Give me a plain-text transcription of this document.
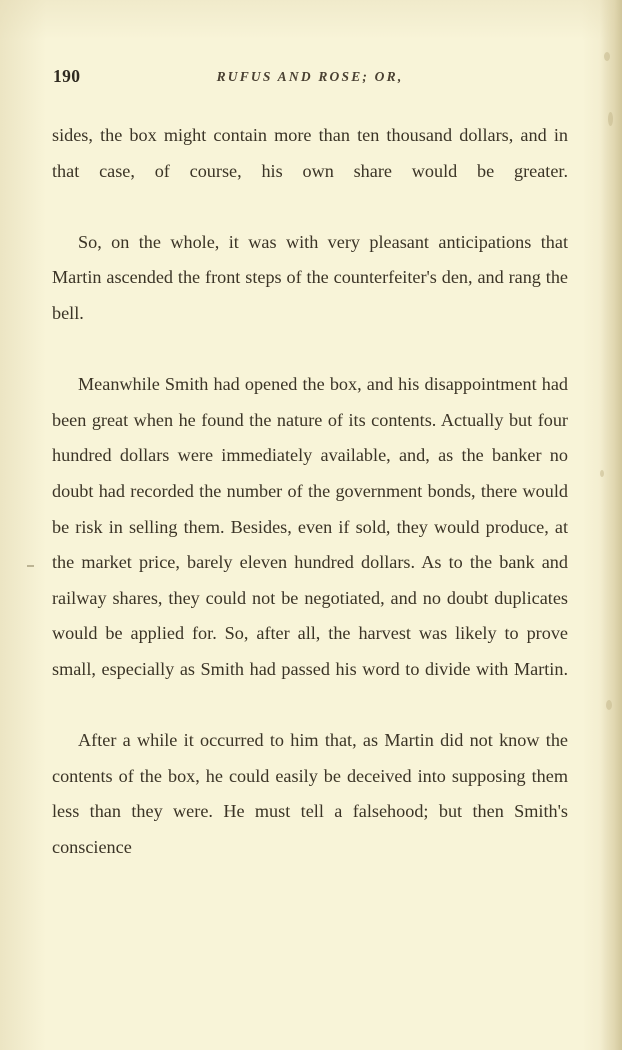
190	RUFUS AND ROSE; OR,

sides, the box might contain more than ten thousand dollars, and in that case, of course, his own share would be greater.

So, on the whole, it was with very pleasant anticipations that Martin ascended the front steps of the counterfeiter's den, and rang the bell.

Meanwhile Smith had opened the box, and his disappointment had been great when he found the nature of its contents. Actually but four hundred dollars were immediately available, and, as the banker no doubt had recorded the number of the government bonds, there would be risk in selling them. Besides, even if sold, they would produce, at the market price, barely eleven hundred dollars. As to the bank and railway shares, they could not be negotiated, and no doubt duplicates would be applied for. So, after all, the harvest was likely to prove small, especially as Smith had passed his word to divide with Martin.

After a while it occurred to him that, as Martin did not know the contents of the box, he could easily be deceived into supposing them less than they were. He must tell a falsehood; but then Smith's conscience
